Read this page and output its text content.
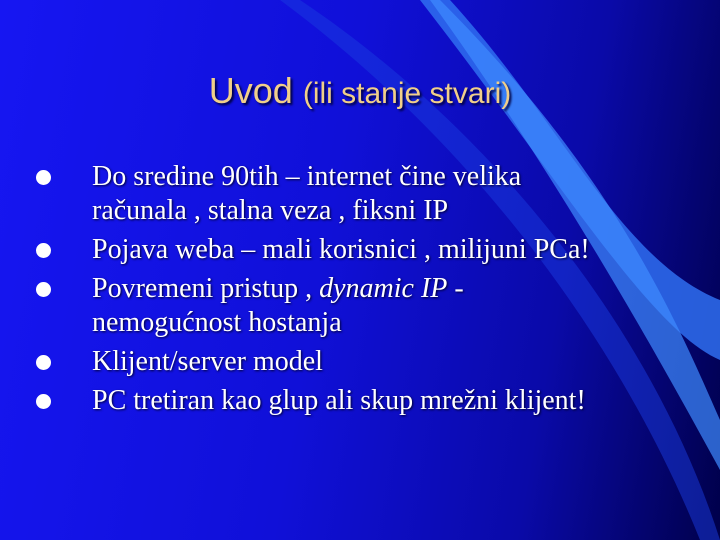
Uvod (ili stanje stvari)
Do sredine 90tih – internet čine velika
računala , stalna veza , fiksni IP
Pojava weba – mali korisnici , milijuni PCa!
Povremeni pristup , dynamic IP -
nemogućnost hostanja
Klijent/server model
PC tretiran kao glup ali skup mrežni klijent!
